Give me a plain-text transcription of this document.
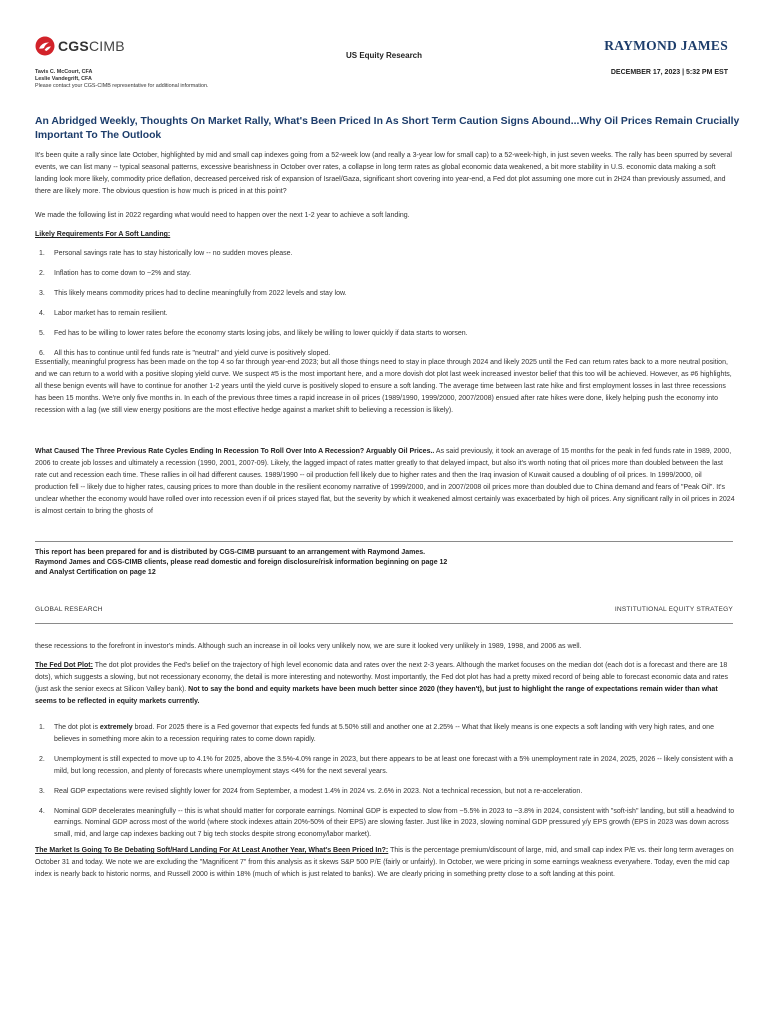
CGSCIMB
US Equity Research
RAYMOND JAMES
Tavis C. McCourt, CFA
Leslie Vandegrift, CFA
Please contact your CGS-CIMB representative for additional information.
DECEMBER 17, 2023 | 5:32 PM EST
An Abridged Weekly, Thoughts On Market Rally, What's Been Priced In As Short Term Caution Signs Abound...Why Oil Prices Remain Crucially Important To The Outlook

It's been quite a rally since late October, highlighted by mid and small cap indexes going from a 52-week low (and really a 3-year low for small cap) to a 52-week-high, in just seven weeks. The rally has been spurred by several events, we can list many -- typical seasonal patterns, excessive bearishness in October over rates, a collapse in long term rates as global economic data weakened, a bit more stability in U.S. economic data making a soft landing look more likely, commodity price deflation, decreased perceived risk of expansion of Israel/Gaza, significant short covering into year-end, a Fed dot plot assuming one more cut in 2H24 than previously assumed, and there are likely more. The obvious question is how much is priced in at this point?

We made the following list in 2022 regarding what would need to happen over the next 1-2 year to achieve a soft landing.

Likely Requirements For A Soft Landing:

1. Personal savings rate has to stay historically low -- no sudden moves please.
2. Inflation has to come down to ~2% and stay.
3. This likely means commodity prices had to decline meaningfully from 2022 levels and stay low.
4. Labor market has to remain resilient.
5. Fed has to be willing to lower rates before the economy starts losing jobs, and likely be willing to lower quickly if data starts to worsen.
6. All this has to continue until fed funds rate is "neutral" and yield curve is positively sloped.

Essentially, meaningful progress has been made on the top 4 so far through year-end 2023; but all those things need to stay in place through 2024 and likely 2025 until the Fed can return rates back to a more neutral position, and we can return to a world with a positive sloping yield curve. We suspect #5 is the most important here, and a more dovish dot plot last week increased investor belief that this too will be achieved. However, as #6 highlights, all these benign events will have to continue for another 1-2 years until the yield curve is positively sloped to ensure a soft landing. The average time between last rate hike and first employment losses in last three recessions has been 15 months. We're only five months in. In each of the previous three times a rapid increase in oil prices (1989/1990, 1999/2000, 2007/2008) ensued after rate hikes were done, likely helping push the economy into recession with a lag (we still view energy positions are the most effective hedge against a market shift to believing a recession is likely).

What Caused The Three Previous Rate Cycles Ending In Recession To Roll Over Into A Recession? Arguably Oil Prices.. As said previously, it took an average of 15 months for the peak in fed funds rate in 1989, 2000, 2006 to create job losses and ultimately a recession (1990, 2001, 2007-09). Likely, the lagged impact of rates matter greatly to that delayed impact, but also it's worth noting that oil prices more than doubled between the last rate cut and recession each time. These rallies in oil had different causes. 1989/1990 -- oil production fell likely due to higher rates and then the Iraq invasion of Kuwait caused a doubling of oil prices. In 1999/2000, oil production fell -- likely due to higher rates, causing prices to more than double in the resilient economy narrative of 1999/2000, and in 2007/2008 oil prices more than doubled due to China demand and fears of "Peak Oil". It's unclear whether the economy would have rolled over into recession even if oil prices stayed flat, but the severity by which it weakened almost certainly was exacerbated by high oil prices. Any significant rally in oil prices in 2024 is almost certain to bring the ghosts of

This report has been prepared for and is distributed by CGS-CIMB pursuant to an arrangement with Raymond James.
Raymond James and CGS-CIMB clients, please read domestic and foreign disclosure/risk information beginning on page 12
and Analyst Certification on page 12
GLOBAL RESEARCH	INSTITUTIONAL EQUITY STRATEGY

these recessions to the forefront in investor's minds. Although such an increase in oil looks very unlikely now, we are sure it looked very unlikely in 1989, 1998, and 2006 as well.

The Fed Dot Plot: The dot plot provides the Fed's belief on the trajectory of high level economic data and rates over the next 2-3 years. Although the market focuses on the median dot (each dot is a forecast and there are 18 dots), which suggests a slowing, but not recessionary economy, the detail is more interesting and noteworthy. Most importantly, the Fed dot plot has had a pretty mixed record of being able to forecast economic data and rates (just ask the senior execs at Silicon Valley bank). Not to say the bond and equity markets have been much better since 2020 (they haven't), but just to highlight the range of expectations remain wider than what seems to be reflected in equity markets currently.

1. The dot plot is extremely broad. For 2025 there is a Fed governor that expects fed funds at 5.50% still and another one at 2.25% -- What that likely means is one expects a soft landing with very high rates, and one believes in something more akin to a recession requiring rates to come down rapidly.
2. Unemployment is still expected to move up to 4.1% for 2025, above the 3.5%-4.0% range in 2023, but there appears to be at least one forecast with a 5% unemployment rate in 2024, 2025, 2026 -- likely consistent with a mild, but long recession, and plenty of forecasts where unemployment stays <4% for the next several years.
3. Real GDP expectations were revised slightly lower for 2024 from September, a modest 1.4% in 2024 vs. 2.6% in 2023. Not a technical recession, but not a re-acceleration.
4. Nominal GDP decelerates meaningfully -- this is what should matter for corporate earnings. Nominal GDP is expected to slow from ~5.5% in 2023 to ~3.8% in 2024, consistent with "soft-ish" landing, but still a headwind to earnings. Nominal GDP across most of the world (where stock indexes attain 20%-50% of their EPS) are slowing faster. Just like in 2023, slowing nominal GDP pressured y/y EPS growth (EPS in 2023 was down across small, mid, and large cap indexes backing out 7 big tech stocks despite strong economy/labor market).

The Market Is Going To Be Debating Soft/Hard Landing For At Least Another Year, What's Been Priced In?: This is the percentage premium/discount of large, mid, and small cap index P/E vs. their long term averages on October 31 and today. We note we are excluding the "Magnificent 7" from this analysis as it skews S&P 500 P/E (fairly or unfairly). In October, we were pricing in some earnings weakness everywhere. Today, even the mid cap index is nearly back to historic norms, and Russell 2000 is within 18% (much of which is just related to banks). We are clearly pricing in something pretty close to a soft landing at this point.
